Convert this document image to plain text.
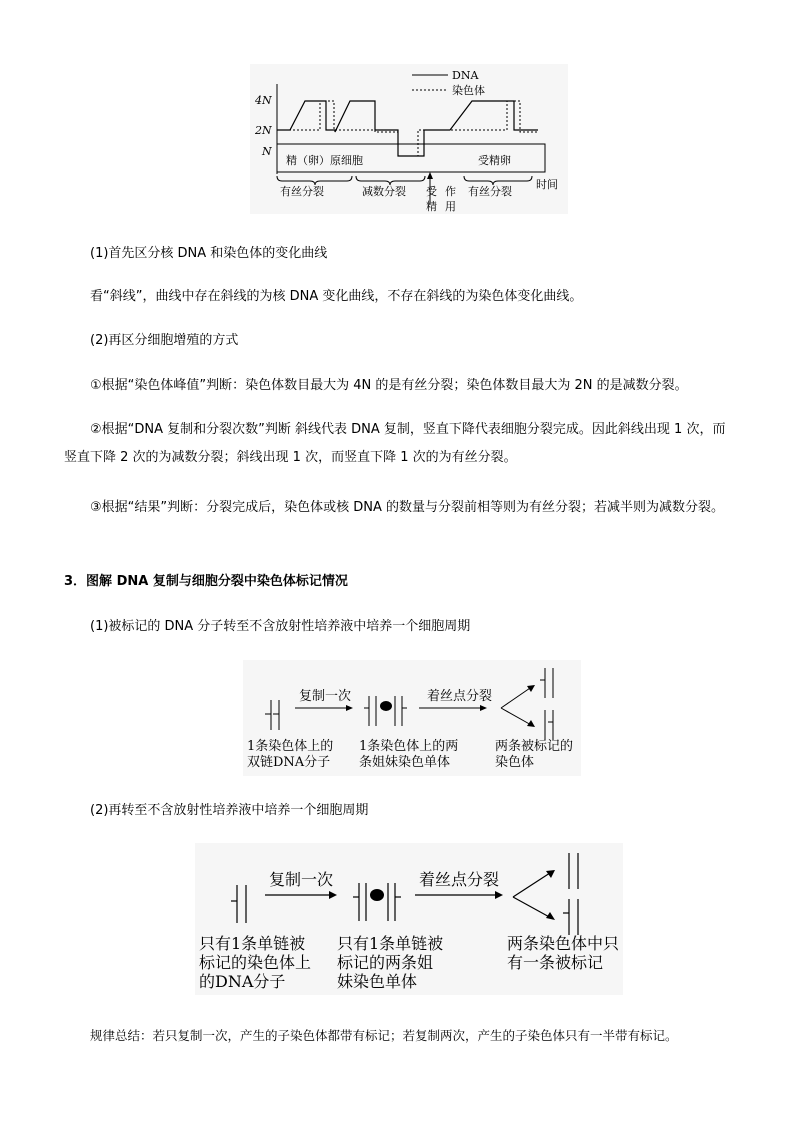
DNA
染色体
4N
2N
N
精（卵）原细胞	受精卵
有丝分裂	减数分裂 受
精
作
用
有丝分裂
时间
(1)首先区分核 DNA 和染色体的变化曲线
看“斜线”，曲线中存在斜线的为核 DNA 变化曲线，不存在斜线的为染色体变化曲线。
(2)再区分细胞增殖的方式
①根据“染色体峰值”判断：染色体数目最大为 4N 的是有丝分裂；染色体数目最大为 2N 的是减数分裂。
②根据“DNA 复制和分裂次数”判断 斜线代表 DNA 复制，竖直下降代表细胞分裂完成。因此斜线出现 1 次，而竖直下降 2 次的为减数分裂；斜线出现 1 次，而竖直下降 1 次的为有丝分裂。
③根据“结果”判断：分裂完成后，染色体或核 DNA 的数量与分裂前相等则为有丝分裂；若减半则为减数分裂。
3．图解 DNA 复制与细胞分裂中染色体标记情况
(1)被标记的 DNA 分子转至不含放射性培养液中培养一个细胞周期
复制一次	着丝点分裂
1条染色体上的
双链DNA分子
1条染色体上的两
条姐妹染色单体
两条被标记的
染色体
(2)再转至不含放射性培养液中培养一个细胞周期
复制一次	着丝点分裂
只有1条单链被
标记的染色体上
的DNA分子
只有1条单链被
标记的两条姐
妹染色单体
两条染色体中只
有一条被标记
规律总结：若只复制一次，产生的子染色体都带有标记；若复制两次，产生的子染色体只有一半带有标记。
